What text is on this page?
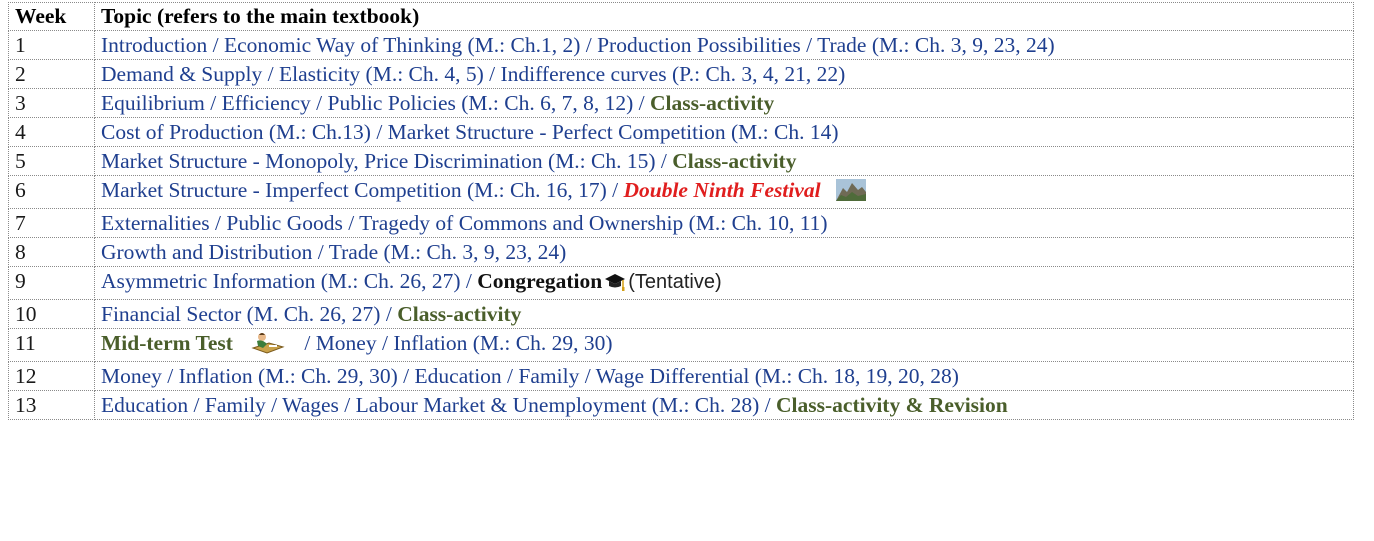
Week	Topic (refers to the main textbook)
1	Introduction / Economic Way of Thinking (M.: Ch.1, 2) / Production Possibilities / Trade (M.: Ch. 3, 9, 23, 24)
2	Demand & Supply / Elasticity (M.: Ch. 4, 5) / Indifference curves (P.: Ch. 3, 4, 21, 22)
3	Equilibrium / Efficiency / Public Policies (M.: Ch. 6, 7, 8, 12) / Class-activity
4	Cost of Production (M.: Ch.13) / Market Structure - Perfect Competition (M.: Ch. 14)
5	Market Structure - Monopoly, Price Discrimination (M.: Ch. 15) / Class-activity
6	Market Structure - Imperfect Competition (M.: Ch. 16, 17) / Double Ninth Festival
7	Externalities / Public Goods / Tragedy of Commons and Ownership (M.: Ch. 10, 11)
8	Growth and Distribution / Trade (M.: Ch. 3, 9, 23, 24)
9	Asymmetric Information (M.: Ch. 26, 27) / Congregation (Tentative)
10	Financial Sector (M. Ch. 26, 27) / Class-activity
11	Mid-term Test / Money / Inflation (M.: Ch. 29, 30)
12	Money / Inflation (M.: Ch. 29, 30) / Education / Family / Wage Differential (M.: Ch. 18, 19, 20, 28)
13	Education / Family / Wages / Labour Market & Unemployment (M.: Ch. 28) / Class-activity & Revision
